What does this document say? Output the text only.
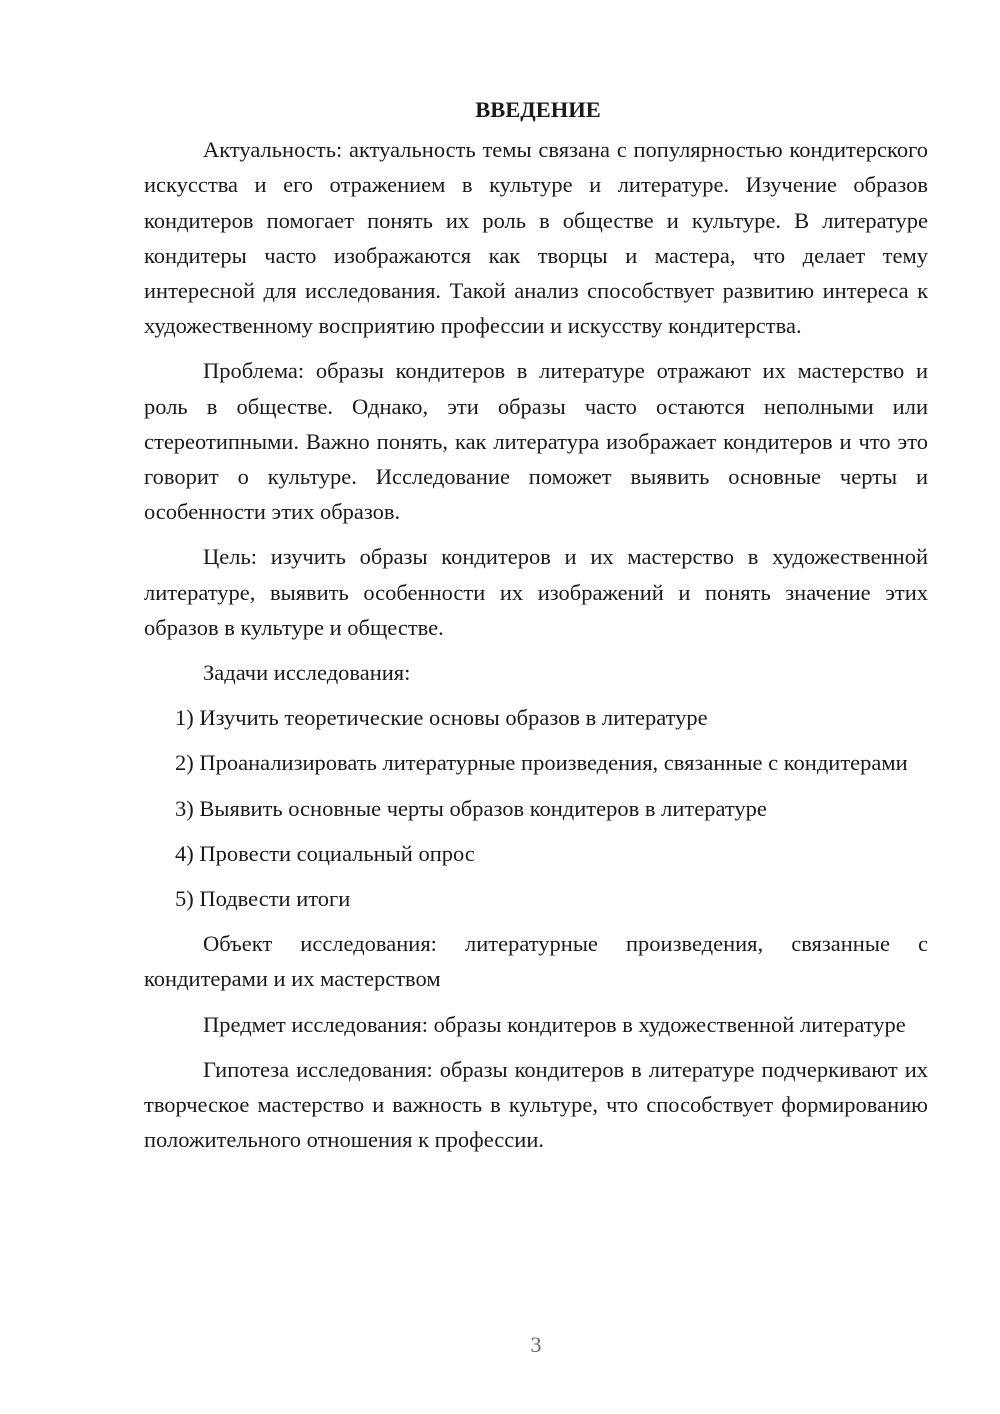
ВВЕДЕНИЕ

Актуальность: актуальность темы связана с популярностью кондитерского искусства и его отражением в культуре и литературе. Изучение образов кондитеров помогает понять их роль в обществе и культуре. В литературе кондитеры часто изображаются как творцы и мастера, что делает тему интересной для исследования. Такой анализ способствует развитию интереса к художественному восприятию профессии и искусству кондитерства.

Проблема: образы кондитеров в литературе отражают их мастерство и роль в обществе. Однако, эти образы часто остаются неполными или стереотипными. Важно понять, как литература изображает кондитеров и что это говорит о культуре. Исследование поможет выявить основные черты и особенности этих образов.

Цель: изучить образы кондитеров и их мастерство в художественной литературе, выявить особенности их изображений и понять значение этих образов в культуре и обществе.

Задачи исследования:

1) Изучить теоретические основы образов в литературе

2) Проанализировать литературные произведения, связанные с кондитерами

3) Выявить основные черты образов кондитеров в литературе

4) Провести социальный опрос

5) Подвести итоги

Объект исследования: литературные произведения, связанные с кондитерами и их мастерством

Предмет исследования: образы кондитеров в художественной литературе

Гипотеза исследования: образы кондитеров в литературе подчеркивают их творческое мастерство и важность в культуре, что способствует формированию положительного отношения к профессии.

3
